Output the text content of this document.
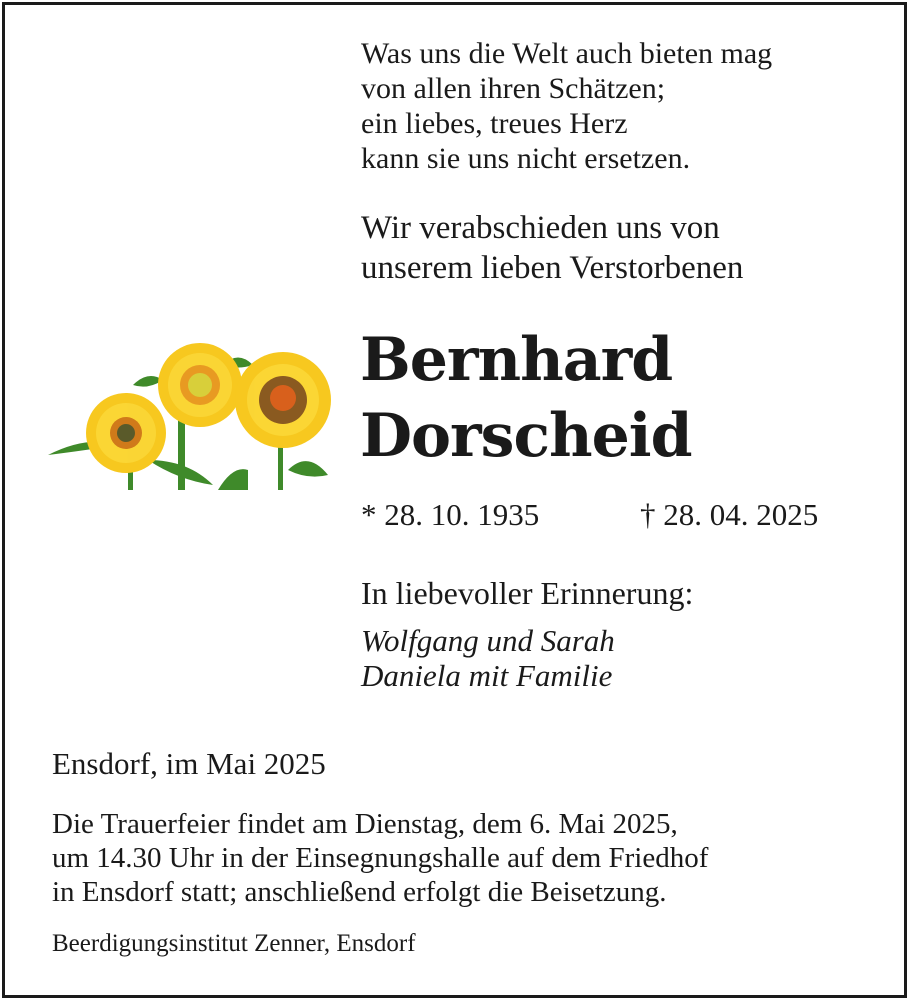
Was uns die Welt auch bieten mag
von allen ihren Schätzen;
ein liebes, treues Herz
kann sie uns nicht ersetzen.
Wir verabschieden uns von
unserem lieben Verstorbenen
Bernhard
Dorscheid
* 28. 10. 1935	† 28. 04. 2025
In liebevoller Erinnerung:
Wolfgang und Sarah
Daniela mit Familie
Ensdorf, im Mai 2025
Die Trauerfeier findet am Dienstag, dem 6. Mai 2025,
um 14.30 Uhr in der Einsegnungshalle auf dem Friedhof
in Ensdorf statt; anschließend erfolgt die Beisetzung.
Beerdigungsinstitut Zenner, Ensdorf
